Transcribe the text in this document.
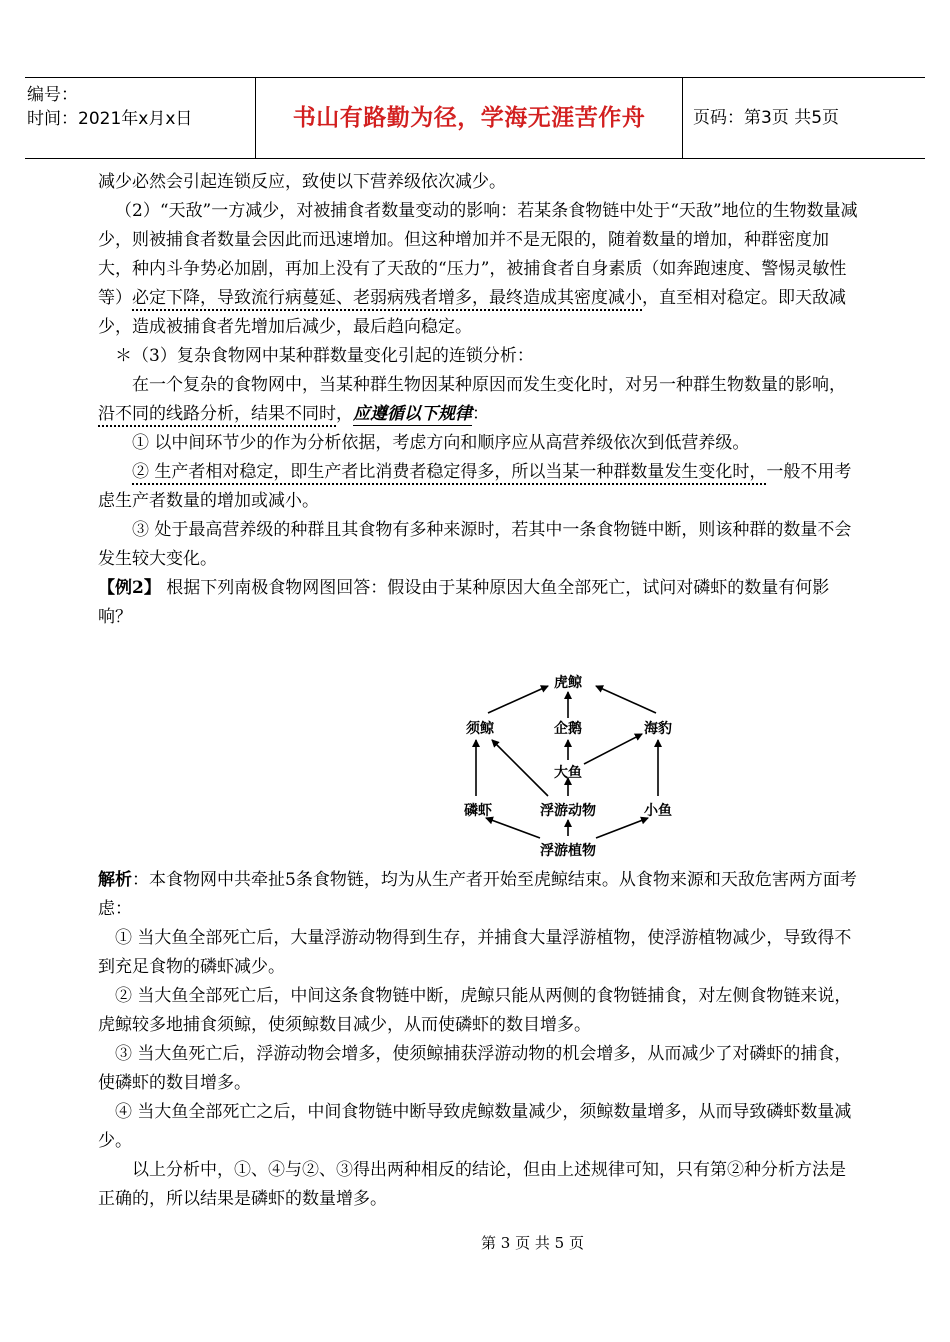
编号：
时间：2021年x月x日	书山有路勤为径，学海无涯苦作舟	页码：第3页 共5页

减少必然会引起连锁反应，致使以下营养级依次减少。

（2）“天敌”一方减少，对被捕食者数量变动的影响：若某条食物链中处于“天敌”地位的生物数量减少，则被捕食者数量会因此而迅速增加。但这种增加并不是无限的，随着数量的增加，种群密度加大，种内斗争势必加剧，再加上没有了天敌的“压力”，被捕食者自身素质（如奔跑速度、警惕灵敏性等）必定下降，导致流行病蔓延、老弱病残者增多，最终造成其密度减小，直至相对稳定。即天敌减少，造成被捕食者先增加后减少，最后趋向稳定。

＊（3）复杂食物网中某种群数量变化引起的连锁分析：

在一个复杂的食物网中，当某种群生物因某种原因而发生变化时，对另一种群生物数量的影响，沿不同的线路分析，结果不同时，应遵循以下规律：

① 以中间环节少的作为分析依据，考虑方向和顺序应从高营养级依次到低营养级。

② 生产者相对稳定，即生产者比消费者稳定得多，所以当某一种群数量发生变化时，一般不用考虑生产者数量的增加或减小。

③ 处于最高营养级的种群且其食物有多种来源时，若其中一条食物链中断，则该种群的数量不会发生较大变化。

【例2】 根据下列南极食物网图回答：假设由于某种原因大鱼全部死亡，试问对磷虾的数量有何影响？

虎鲸
须鲸	企鹅	海豹
大鱼
磷虾	浮游动物	小鱼
浮游植物

解析：本食物网中共牵扯5条食物链，均为从生产者开始至虎鲸结束。从食物来源和天敌危害两方面考虑：

① 当大鱼全部死亡后，大量浮游动物得到生存，并捕食大量浮游植物，使浮游植物减少，导致得不到充足食物的磷虾减少。

② 当大鱼全部死亡后，中间这条食物链中断，虎鲸只能从两侧的食物链捕食，对左侧食物链来说，虎鲸较多地捕食须鲸，使须鲸数目减少，从而使磷虾的数目增多。

③ 当大鱼死亡后，浮游动物会增多，使须鲸捕获浮游动物的机会增多，从而减少了对磷虾的捕食，使磷虾的数目增多。

④ 当大鱼全部死亡之后，中间食物链中断导致虎鲸数量减少，须鲸数量增多，从而导致磷虾数量减少。

以上分析中，①、④与②、③得出两种相反的结论，但由上述规律可知，只有第②种分析方法是正确的，所以结果是磷虾的数量增多。

第 3 页 共 5 页
